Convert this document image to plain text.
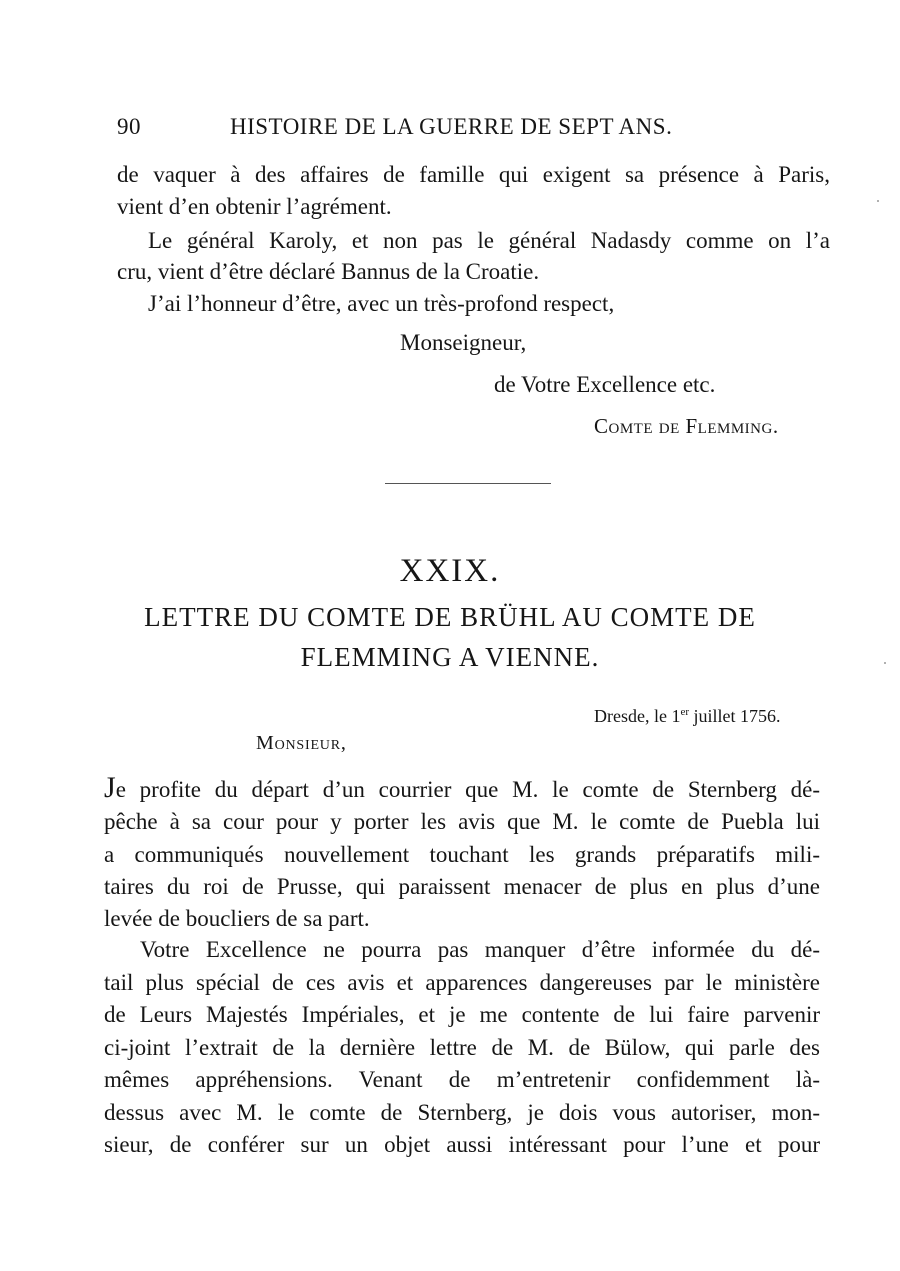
90	HISTOIRE DE LA GUERRE DE SEPT ANS.
de vaquer à des affaires de famille qui exigent sa présence à Paris,
vient d’en obtenir l’agrément.
Le général Karoly, et non pas le général Nadasdy comme on l’a
cru, vient d’être déclaré Bannus de la Croatie.
J’ai l’honneur d’être, avec un très-profond respect,
Monseigneur,
de Votre Excellence etc.
Comte de Flemming.
XXIX.
LETTRE DU COMTE DE BRÜHL AU COMTE DE
FLEMMING A VIENNE.
Dresde, le 1er juillet 1756.
Monsieur,
Je profite du départ d’un courrier que M. le comte de Sternberg dé-
pêche à sa cour pour y porter les avis que M. le comte de Puebla lui
a communiqués nouvellement touchant les grands préparatifs mili-
taires du roi de Prusse, qui paraissent menacer de plus en plus d’une
levée de boucliers de sa part.
Votre Excellence ne pourra pas manquer d’être informée du dé-
tail plus spécial de ces avis et apparences dangereuses par le ministère
de Leurs Majestés Impériales, et je me contente de lui faire parvenir
ci-joint l’extrait de la dernière lettre de M. de Bülow, qui parle des
mêmes appréhensions. Venant de m’entretenir confidemment là-
dessus avec M. le comte de Sternberg, je dois vous autoriser, mon-
sieur, de conférer sur un objet aussi intéressant pour l’une et pour
